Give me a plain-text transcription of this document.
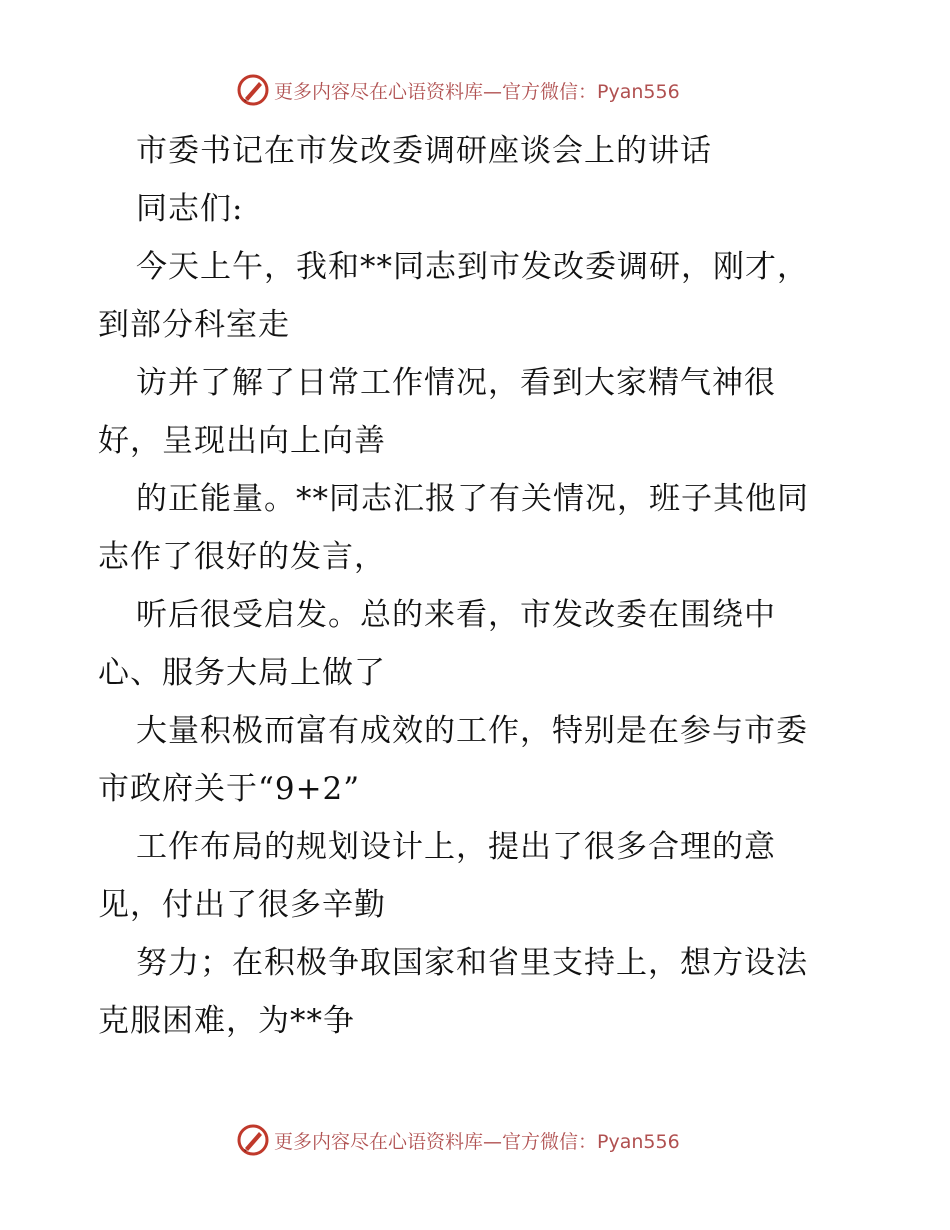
更多内容尽在心语资料库—官方微信：Pyan556
市委书记在市发改委调研座谈会上的讲话
同志们:
今天上午，我和**同志到市发改委调研，刚才，
到部分科室走
访并了解了日常工作情况，看到大家精气神很
好，呈现出向上向善
的正能量。**同志汇报了有关情况，班子其他同
志作了很好的发言，
听后很受启发。总的来看，市发改委在围绕中
心、服务大局上做了
大量积极而富有成效的工作，特别是在参与市委
市政府关于“9+2”
工作布局的规划设计上，提出了很多合理的意
见，付出了很多辛勤
努力；在积极争取国家和省里支持上，想方设法
克服困难，为**争
更多内容尽在心语资料库—官方微信：Pyan556
